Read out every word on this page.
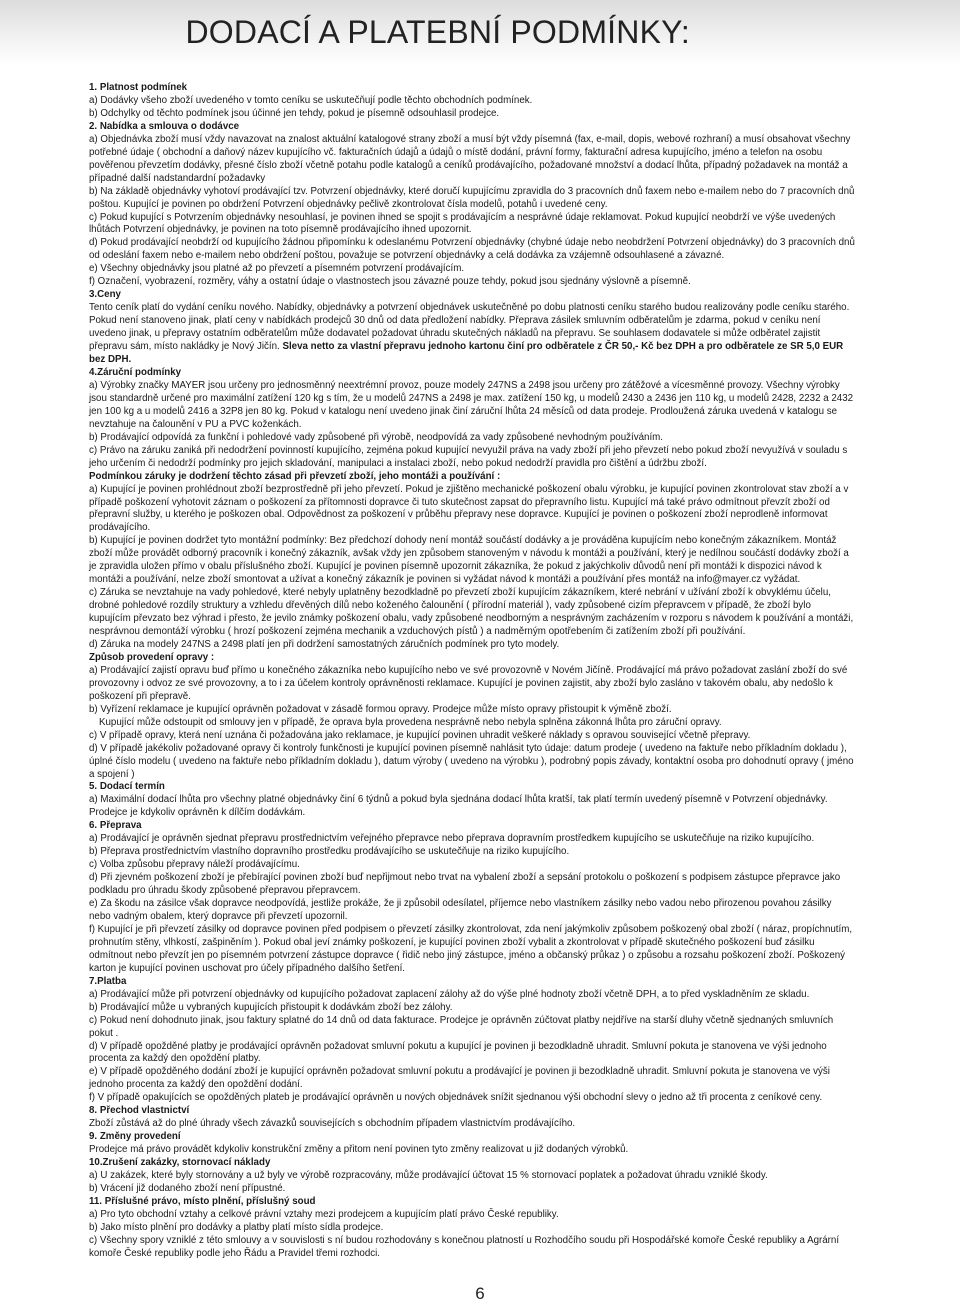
DODACÍ A PLATEBNÍ PODMÍNKY:

1. Platnost podmínek

a) Dodávky všeho zboží uvedeného v tomto ceníku se uskutečňují podle těchto obchodních podmínek.

b) Odchylky od těchto podmínek jsou účinné jen tehdy, pokud je písemně odsouhlasil prodejce.

2. Nabídka a smlouva o dodávce

a) Objednávka zboží musí vždy navazovat na znalost aktuální katalogové strany zboží a musí být vždy písemná (fax, e-mail, dopis, webové rozhraní) a musí obsahovat všechny potřebné údaje ( obchodní a daňový název kupujícího vč. fakturačních údajů a údajů o místě dodání, právní formy, fakturační adresa kupujícího, jméno a telefon na osobu pověřenou převzetím dodávky, přesné číslo zboží včetně potahu podle katalogů a ceníků prodávajícího, požadované množství a dodací lhůta, případný požadavek na montáž a případné další nadstandardní požadavky

b) Na základě objednávky vyhotoví prodávající tzv. Potvrzení objednávky, které doručí kupujícímu zpravidla do 3 pracovních dnů faxem nebo e-mailem nebo do 7 pracovních dnů poštou. Kupující je povinen po obdržení Potvrzení objednávky pečlivě zkontrolovat čísla modelů, potahů i uvedené ceny.

c) Pokud kupující s Potvrzením objednávky nesouhlasí, je povinen ihned se spojit s prodávajícím a nesprávné údaje reklamovat. Pokud kupující neobdrží ve výše uvedených lhůtách Potvrzení objednávky, je povinen na toto písemně prodávajícího ihned upozornit.

d) Pokud prodávající neobdrží od kupujícího žádnou připomínku k odeslanému Potvrzení objednávky (chybné údaje nebo neobdržení Potvrzení objednávky) do 3 pracovních dnů od odeslání faxem nebo e-mailem nebo obdržení poštou, považuje se potvrzení objednávky a celá dodávka za vzájemně odsouhlasené a závazné.

e) Všechny objednávky jsou platné až po převzetí a písemném potvrzení prodávajícím.

f) Označení, vyobrazení, rozměry, váhy a ostatní údaje o vlastnostech jsou závazné pouze tehdy, pokud jsou sjednány výslovně a písemně.

3.Ceny

Tento ceník platí do vydání ceníku nového. Nabídky, objednávky a potvrzení objednávek uskutečněné po dobu platnosti ceníku starého budou realizovány podle ceníku starého. Pokud není stanoveno jinak, platí ceny v nabídkách prodejců 30 dnů od data předložení nabídky. Přeprava zásilek smluvním odběratelům je zdarma, pokud v ceníku není uvedeno jinak, u přepravy ostatním odběratelům může dodavatel požadovat úhradu skutečných nákladů na přepravu. Se souhlasem dodavatele si může odběratel zajistit přepravu sám, místo nakládky je Nový Jičín. Sleva netto za vlastní přepravu jednoho kartonu činí pro odběratele z ČR 50,- Kč bez DPH a pro odběratele ze SR 5,0 EUR bez DPH.

4.Záruční podmínky

a) Výrobky značky MAYER jsou určeny pro jednosměnný neextrémní provoz, pouze modely 247NS a 2498 jsou určeny pro zátěžové a vícesměnné provozy. Všechny výrobky jsou standardně určené pro maximální zatížení 120 kg s tím, že u modelů 247NS a 2498 je max. zatížení 150 kg, u modelů 2430 a 2436 jen 110 kg, u modelů 2428, 2232 a 2432 jen 100 kg a u modelů 2416 a 32P8 jen 80 kg. Pokud v katalogu není uvedeno jinak činí záruční lhůta 24 měsíců od data prodeje. Prodloužená záruka uvedená v katalogu se nevztahuje na čalounění v PU a PVC koženkách.

b) Prodávající odpovídá za funkční i pohledové vady způsobené při výrobě, neodpovídá za vady způsobené nevhodným používáním.

c) Právo na záruku zaniká při nedodržení povinností kupujícího, zejména pokud kupující nevyužil práva na vady zboží při jeho převzetí nebo pokud zboží nevyužívá v souladu s jeho určením či nedodrží podmínky pro jejich skladování, manipulaci a instalaci zboží, nebo pokud nedodrží pravidla pro čištění a údržbu zboží.

Podmínkou záruky je dodržení těchto zásad při převzetí zboží, jeho montáži a používání :

a) Kupující je povinen prohlédnout zboží bezprostředně při jeho převzetí. Pokud je zjištěno mechanické poškození obalu výrobku, je kupující povinen zkontrolovat stav zboží a v případě poškození vyhotovit záznam o poškození za přítomnosti dopravce či tuto skutečnost zapsat do přepravního listu. Kupující má také právo odmítnout převzít zboží od přepravní služby, u kterého je poškozen obal. Odpovědnost za poškození v průběhu přepravy nese dopravce. Kupující je povinen o poškození zboží neprodleně informovat prodávajícího.

b) Kupující je povinen dodržet tyto montážní podmínky: Bez předchozí dohody není montáž součástí dodávky a je prováděna kupujícím nebo konečným zákazníkem. Montáž zboží může provádět odborný pracovník i konečný zákazník, avšak vždy jen způsobem stanoveným v návodu k montáži a používání, který je nedílnou součástí dodávky zboží a je zpravidla uložen přímo v obalu příslušného zboží. Kupující je povinen písemně upozornit zákazníka, že pokud z jakýchkoliv důvodů není při montáži k dispozici návod k montáži a používání, nelze zboží smontovat a užívat a konečný zákazník je povinen si vyžádat návod k montáži a používání přes montáž na info@mayer.cz vyžádat.

c) Záruka se nevztahuje na vady pohledové, které nebyly uplatněny bezodkladně po převzetí zboží kupujícím zákazníkem, které nebrání v užívání zboží k obvyklému účelu, drobné pohledové rozdíly struktury a vzhledu dřevěných dílů nebo koženého čalounění ( přírodní materiál ), vady způsobené cizím přepravcem v případě, že zboží bylo kupujícím převzato bez výhrad i přesto, že jevilo známky poškození obalu, vady způsobené neodborným a nesprávným zacházením v rozporu s návodem k používání a montáži, nesprávnou demontáží výrobku ( hrozí poškození zejména mechanik a vzduchových pístů ) a nadměrným opotřebením či zatížením zboží při používání.

d) Záruka na modely 247NS a 2498 platí jen při dodržení samostatných záručních podmínek pro tyto modely.

Způsob provedení opravy :

a) Prodávající zajistí opravu buď přímo u konečného zákazníka nebo kupujícího nebo ve své provozovně v Novém Jičíně. Prodávající má právo požadovat zaslání zboží do své provozovny i odvoz ze své provozovny, a to i za účelem kontroly oprávněnosti reklamace. Kupující je povinen zajistit, aby zboží bylo zasláno v takovém obalu, aby nedošlo k poškození při přepravě.

b) Vyřízení reklamace je kupující oprávněn požadovat v zásadě formou opravy. Prodejce může místo opravy přistoupit k výměně zboží.

Kupující může odstoupit od smlouvy jen v případě, že oprava byla provedena nesprávně nebo nebyla splněna zákonná lhůta pro záruční opravy.

c) V případě opravy, která není uznána či požadována jako reklamace, je kupující povinen uhradit veškeré náklady s opravou související včetně přepravy.

d) V případě jakékoliv požadované opravy či kontroly funkčnosti je kupující povinen písemně nahlásit tyto údaje: datum prodeje ( uvedeno na faktuře nebo příkladním dokladu ), úplné číslo modelu ( uvedeno na faktuře nebo příkladním dokladu ), datum výroby ( uvedeno na výrobku ), podrobný popis závady, kontaktní osoba pro dohodnutí opravy ( jméno a spojení )

5. Dodací termín

a) Maximální dodací lhůta pro všechny platné objednávky činí 6 týdnů a pokud byla sjednána dodací lhůta kratší, tak platí termín uvedený písemně v Potvrzení objednávky. Prodejce je kdykoliv oprávněn k dílčím dodávkám.

6. Přeprava

a) Prodávající je oprávněn sjednat přepravu prostřednictvím veřejného přepravce nebo přeprava dopravním prostředkem kupujícího se uskutečňuje na riziko kupujícího.

b) Přeprava prostřednictvím vlastního dopravního prostředku prodávajícího se uskutečňuje na riziko kupujícího.

c) Volba způsobu přepravy náleží prodávajícímu.

d) Při zjevném poškození zboží je přebírající povinen zboží buď nepřijmout nebo trvat na vybalení zboží a sepsání protokolu o poškození s podpisem zástupce přepravce jako podkladu pro úhradu škody způsobené přepravou přepravcem.

e) Za škodu na zásilce však dopravce neodpovídá, jestliže prokáže, že ji způsobil odesílatel, příjemce nebo vlastníkem zásilky nebo vadou nebo přirozenou povahou zásilky nebo vadným obalem, který dopravce při převzetí upozornil.

f) Kupující je při převzetí zásilky od dopravce povinen před podpisem o převzetí zásilky zkontrolovat, zda není jakýmkoliv způsobem poškozený obal zboží ( náraz, propíchnutím, prohnutím stěny, vlhkostí, zašpiněním ). Pokud obal jeví známky poškození, je kupující povinen zboží vybalit a zkontrolovat v případě skutečného poškození buď zásilku odmítnout nebo převzít jen po písemném potvrzení zástupce dopravce ( řidič nebo jiný zástupce, jméno a občanský průkaz ) o způsobu a rozsahu poškození zboží. Poškozený karton je kupující povinen uschovat pro účely případného dalšího šetření.

7.Platba

a) Prodávající může při potvrzení objednávky od kupujícího požadovat zaplacení zálohy až do výše plné hodnoty zboží včetně DPH, a to před vyskladněním ze skladu.

b) Prodávající může u vybraných kupujících přistoupit k dodávkám zboží bez zálohy.

c) Pokud není dohodnuto jinak, jsou faktury splatné do 14 dnů od data fakturace. Prodejce je oprávněn zúčtovat platby nejdříve na starší dluhy včetně sjednaných smluvních pokut .

d) V případě opožděné platby je prodávající oprávněn požadovat smluvní pokutu a kupující je povinen ji bezodkladně uhradit. Smluvní pokuta je stanovena ve výši jednoho procenta za každý den opoždění platby.

e) V případě opožděného dodání zboží je kupující oprávněn požadovat smluvní pokutu a prodávající je povinen ji bezodkladně uhradit. Smluvní pokuta je stanovena ve výši jednoho procenta za každý den opoždění dodání.

f) V případě opakujících se opožděných plateb je prodávající oprávněn u nových objednávek snížit sjednanou výši obchodní slevy o jedno až tři procenta z ceníkové ceny.

8. Přechod vlastnictví

Zboží zůstává až do plné úhrady všech závazků souvisejících s obchodním případem vlastnictvím prodávajícího.

9. Změny provedení

Prodejce má právo provádět kdykoliv konstrukční změny a přitom není povinen tyto změny realizovat u již dodaných výrobků.

10.Zrušení zakázky, stornovací náklady

a) U zakázek, které byly stornovány a už byly ve výrobě rozpracovány, může prodávající účtovat 15 % stornovací poplatek a požadovat úhradu vzniklé škody.

b) Vrácení již dodaného zboží není přípustné.

11. Příslušné právo, místo plnění, příslušný soud

a) Pro tyto obchodní vztahy a celkové právní vztahy mezi prodejcem a kupujícím platí právo České republiky.

b) Jako místo plnění pro dodávky a platby platí místo sídla prodejce.

c) Všechny spory vzniklé z této smlouvy a v souvislosti s ní budou rozhodovány s konečnou platností u Rozhodčího soudu při Hospodářské komoře České republiky a Agrární komoře České republiky podle jeho Řádu a Pravidel třemi rozhodci.

6
